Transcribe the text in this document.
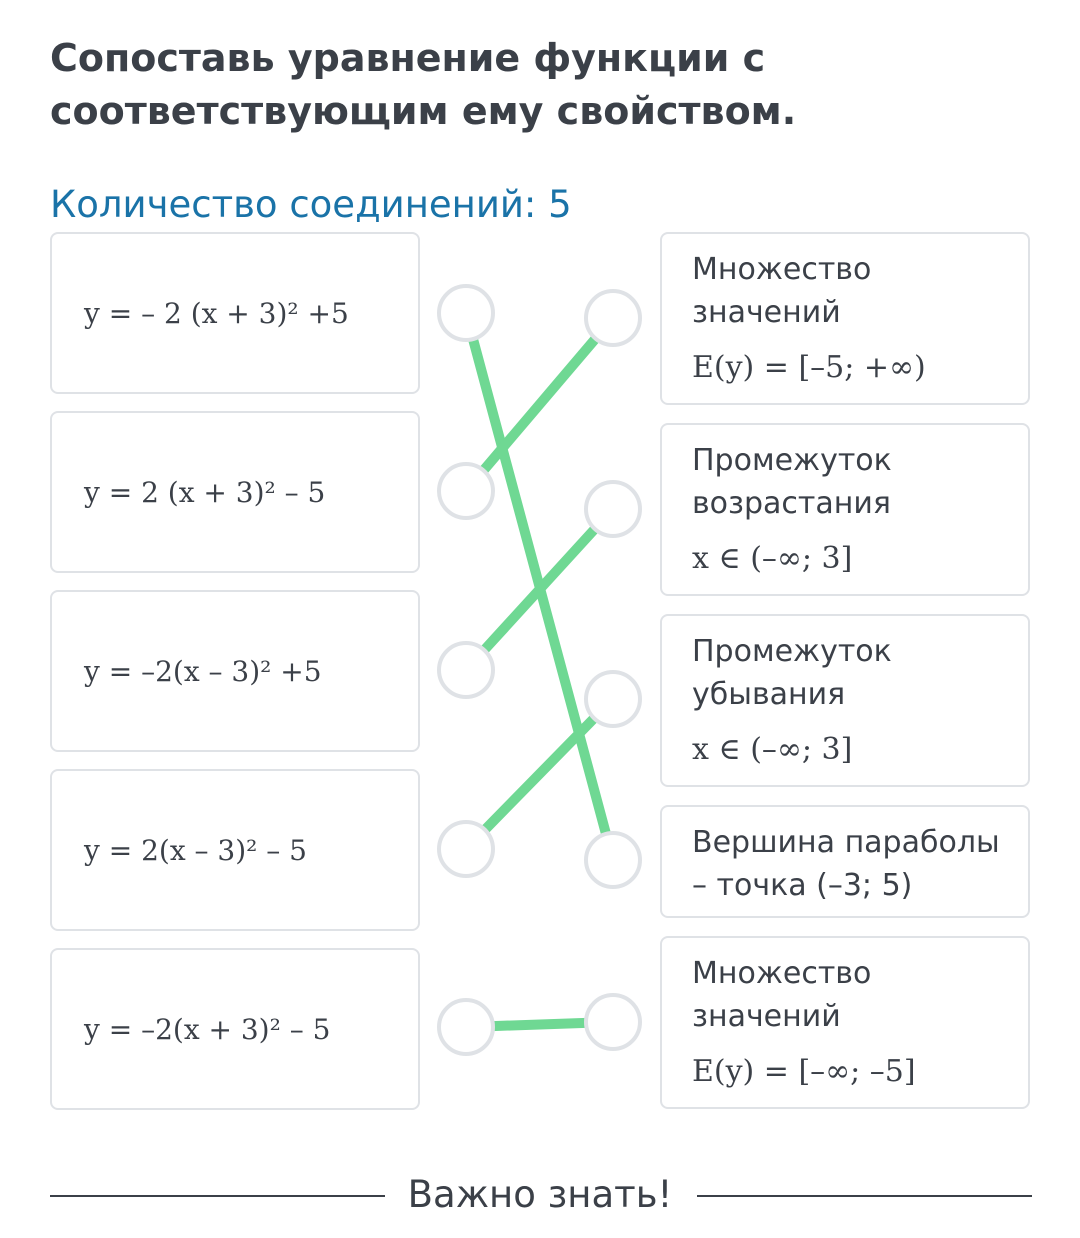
Сопоставь уравнение функции с соответствующим ему свойством.
Количество соединений: 5
y = – 2 (x + 3)² +5
y = 2 (x + 3)² – 5
y = –2(x – 3)² +5
y = 2(x – 3)² – 5
y = –2(x + 3)² – 5
Множество
значений
E(y) = [–5; +∞)
Промежуток
возрастания
x ∈ (–∞; 3]
Промежуток
убывания
x ∈ (–∞; 3]
Вершина параболы
– точка (–3; 5)
Множество
значений
E(y) = [–∞; –5]
Важно знать!
